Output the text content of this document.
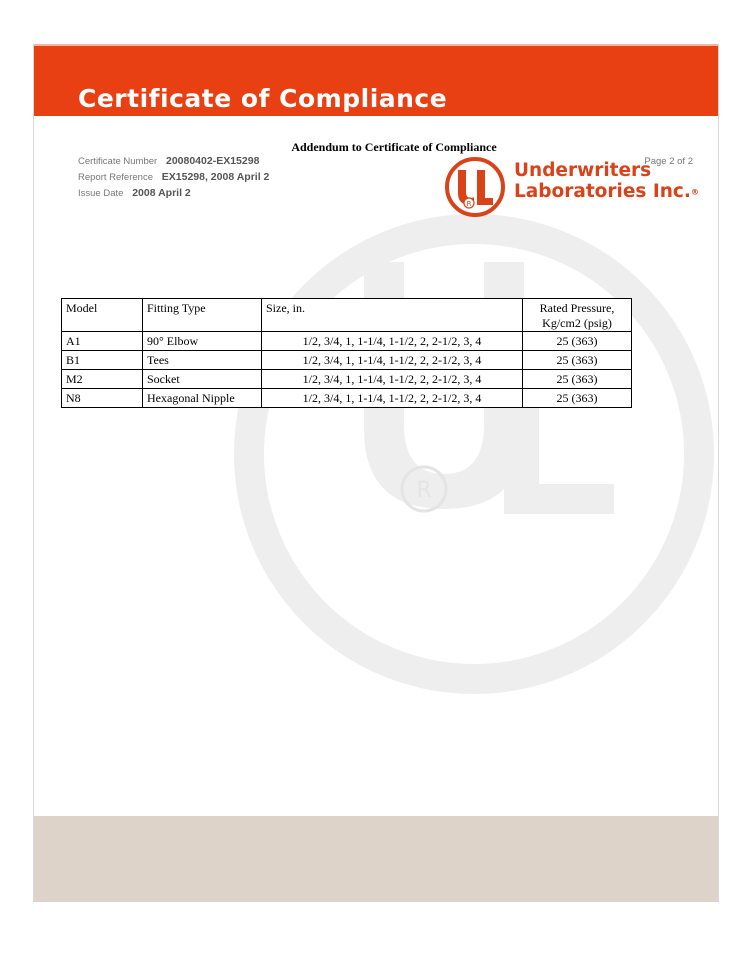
R
Certificate of Compliance
Addendum to Certificate of Compliance
Certificate Number 20080402-EX15298
Report Reference EX15298, 2008 April 2
Issue Date 2008 April 2
Page 2 of 2
R
Underwriters
Laboratories Inc.®
Model	Fitting Type	Size, in.	Rated Pressure,
Kg/cm2 (psig)

A1	90° Elbow	1/2, 3/4, 1, 1-1/4, 1-1/2, 2, 2-1/2, 3, 4	25 (363)
B1	Tees	1/2, 3/4, 1, 1-1/4, 1-1/2, 2, 2-1/2, 3, 4	25 (363)
M2	Socket	1/2, 3/4, 1, 1-1/4, 1-1/2, 2, 2-1/2, 3, 4	25 (363)
N8	Hexagonal Nipple	1/2, 3/4, 1, 1-1/4, 1-1/2, 2, 2-1/2, 3, 4	25 (363)
